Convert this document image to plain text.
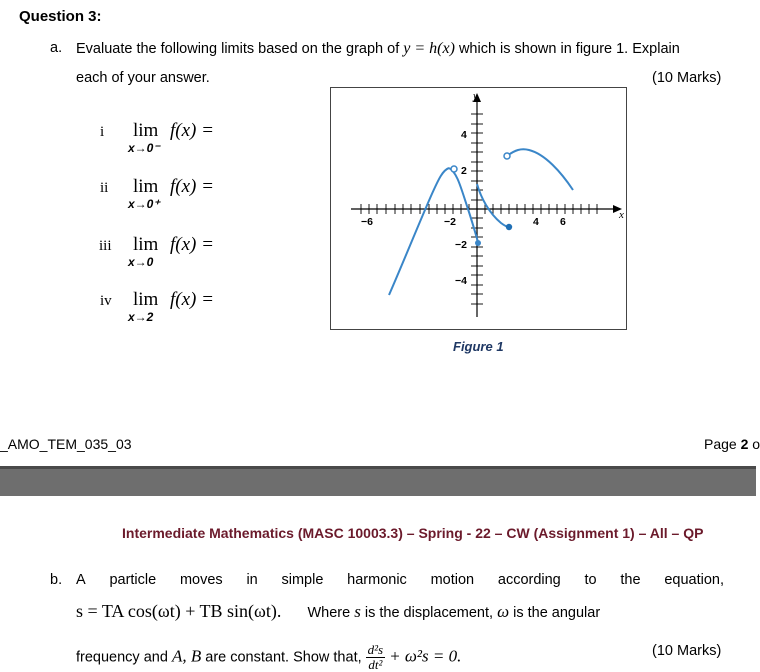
Question 3:
a. Evaluate the following limits based on the graph of y = h(x) which is shown in figure 1. Explain
each of your answer.	(10 Marks)
i lim f(x) =
x→0⁻
ii lim f(x) =
x→0⁺
iii lim f(x) =
x→0
iv lim f(x) =
x→2
x
y
−6	−2	4 6
4
2
−2
−4
Figure 1
_AMO_TEM_035_03	Page 2 o
Intermediate Mathematics (MASC 10003.3) – Spring - 22 – CW (Assignment 1) – All – QP
b. A particle moves in simple harmonic motion according to the equation,
s = TA cos(ωt) + TB sin(ωt). Where s is the displacement, ω is the angular
frequency and A, B are constant. Show that, $\frac{\text{d²s}}{\text{dt²}} + \omega^2s = 0$.	(10 Marks)
